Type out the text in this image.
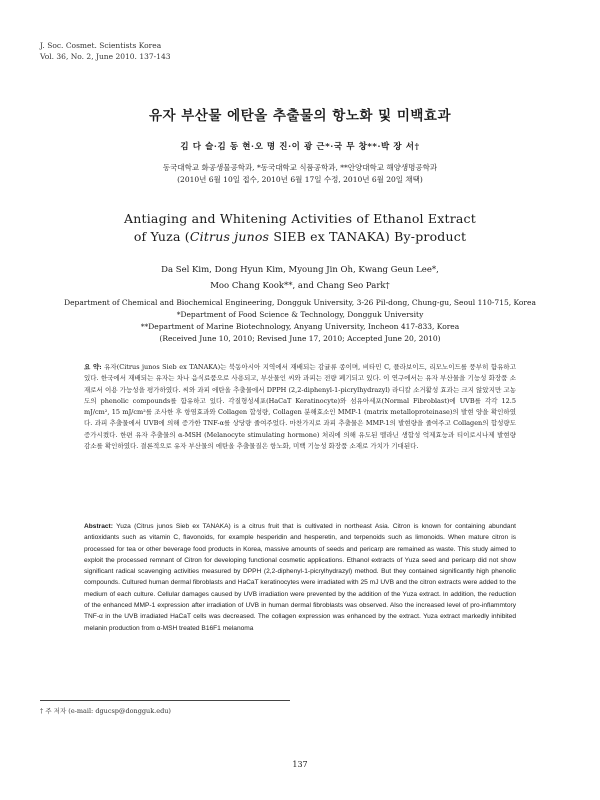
J. Soc. Cosmet. Scientists Korea
Vol. 36, No. 2, June 2010. 137-143
유자 부산물 에탄올 추출물의 항노화 및 미백효과
김 다 슬·김 동 현·오 명 진·이 광 근*·국 무 창**·박 장 서†
동국대학교 화공생물공학과, *동국대학교 식품공학과, **안양대학교 해양생명공학과
(2010년 6월 10일 접수, 2010년 6월 17일 수정, 2010년 6월 20일 채택)
Antiaging and Whitening Activities of Ethanol Extract
of Yuza (Citrus junos SIEB ex TANAKA) By-product
Da Sel Kim, Dong Hyun Kim, Myoung Jin Oh, Kwang Geun Lee*,
Moo Chang Kook**, and Chang Seo Park†
Department of Chemical and Biochemical Engineering, Dongguk University, 3-26 Pil-dong, Chung-gu, Seoul 110-715, Korea
*Department of Food Science & Technology, Dongguk University
**Department of Marine Biotechnology, Anyang University, Incheon 417-833, Korea
(Received June 10, 2010; Revised June 17, 2010; Accepted June 20, 2010)
요 약: 유자(Citrus junos Sieb ex TANAKA)는 북동아시아 지역에서 재배되는 감귤류 종이며, 비타민 C, 플라보이드, 리모노이드를 풍부히 함유하고 있다. 한국에서 재배되는 유자는 차나 음식료품으로 사용되고, 부산물인 씨와 과피는 전량 폐기되고 있다. 이 연구에서는 유자 부산물을 기능성 화장품 소재로서 이용 가능성을 평가하였다. 씨와 과피 에탄올 추출물에서 DPPH (2,2-diphenyl-1-picrylhydrazyl) 라디칼 소거활성 효과는 크지 않았지만 고농도의 phenolic compounds를 함유하고 있다. 각질형성세포(HaCaT Keratinocyte)와 섬유아세포(Normal Fibroblast)에 UVB를 각각 12.5 mJ/cm², 15 mJ/cm²를 조사한 후 항염효과와 Collagen 합성량, Collagen 분해효소인 MMP-1 (matrix metalloproteinase)의 발현 양을 확인하였다. 과피 추출물에서 UVB에 의해 증가한 TNF-α를 상당량 줄여주었다. 마찬가지로 과피 추출물은 MMP-1의 발현량을 줄여주고 Collagen의 합성량도 증가시켰다. 한편 유자 추출물의 α-MSH (Melanocyte stimulating hormone) 처리에 의해 유도된 멜라닌 생합성 억제효능과 티이로시나제 발현량 감소를 확인하였다. 결론적으로 유자 부산물의 에탄올 추출물질은 항노화, 미백 기능성 화장품 소재로 가치가 기대된다.
Abstract: Yuza (Citrus junos Sieb ex TANAKA) is a citrus fruit that is cultivated in northeast Asia. Citron is known for containing abundant antioxidants such as vitamin C, flavonoids, for example hesperidin and hesperetin, and terpenoids such as limonoids. When mature citron is processed for tea or other beverage food products in Korea, massive amounts of seeds and pericarp are remained as waste. This study aimed to exploit the processed remnant of Citron for developing functional cosmetic applications. Ethanol extracts of Yuza seed and pericarp did not show significant radical scavenging activities measured by DPPH (2,2-diphenyl-1-picrylhydrazyl) method. But they contained significantly high phenolic compounds. Cultured human dermal fibroblasts and HaCaT keratinocytes were irradiated with 25 mJ UVB and the citron extracts were added to the medium of each culture. Cellular damages caused by UVB irradiation were prevented by the addition of the Yuza extract. In addition, the reduction of the enhanced MMP-1 expression after irradiation of UVB in human dermal fibroblasts was observed. Also the increased level of pro-inflammtory TNF-α in the UVB irradiated HaCaT cells was decreased. The collagen expression was enhanced by the extract. Yuza extract markedly inhibited melanin production from α-MSH treated B16F1 melanoma
† 주 저자 (e-mail: dgucsp@dongguk.edu)
137
